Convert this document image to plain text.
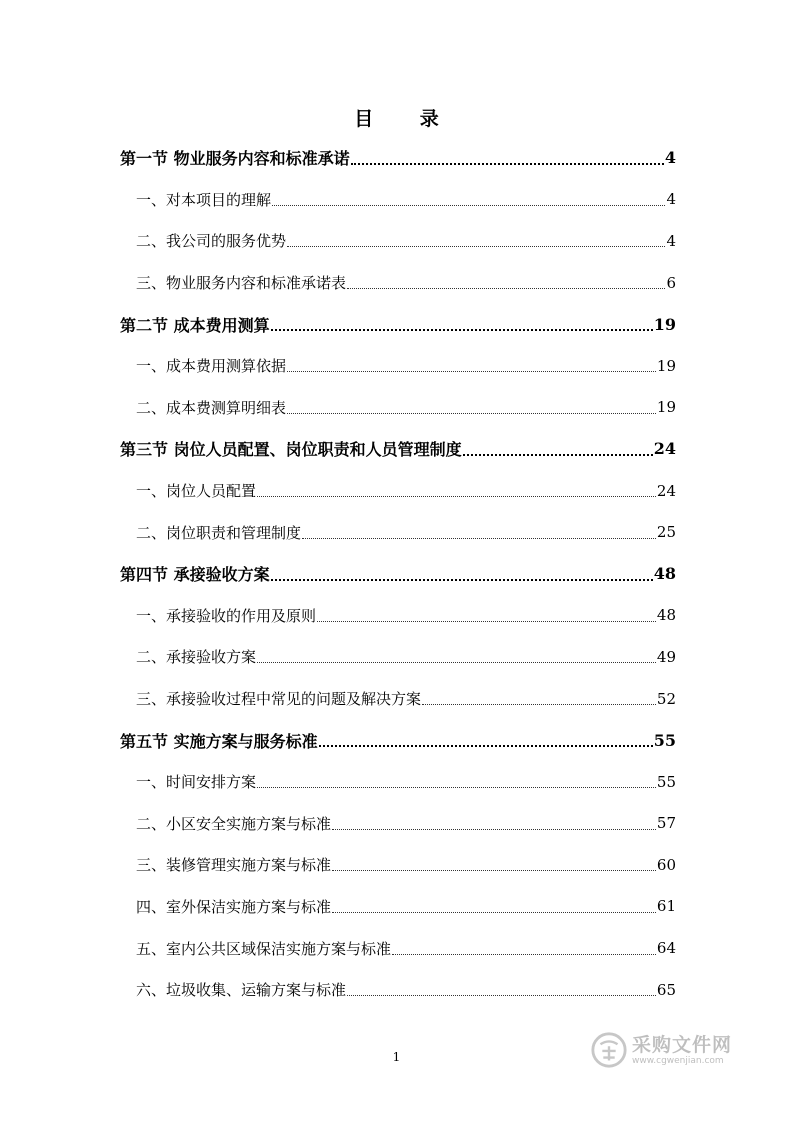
目 录
第一节 物业服务内容和标准承诺	4
一、对本项目的理解	4
二、我公司的服务优势	4
三、物业服务内容和标准承诺表	6
第二节 成本费用测算	19
一、成本费用测算依据	19
二、成本费测算明细表	19
第三节 岗位人员配置、岗位职责和人员管理制度	24
一、岗位人员配置	24
二、岗位职责和管理制度	25
第四节 承接验收方案	48
一、承接验收的作用及原则	48
二、承接验收方案	49
三、承接验收过程中常见的问题及解决方案	52
第五节 实施方案与服务标准	55
一、时间安排方案	55
二、小区安全实施方案与标准	57
三、装修管理实施方案与标准	60
四、室外保洁实施方案与标准	61
五、室内公共区域保洁实施方案与标准	64
六、垃圾收集、运输方案与标准	65
1
采购文件网
www.cgwenjian.com
